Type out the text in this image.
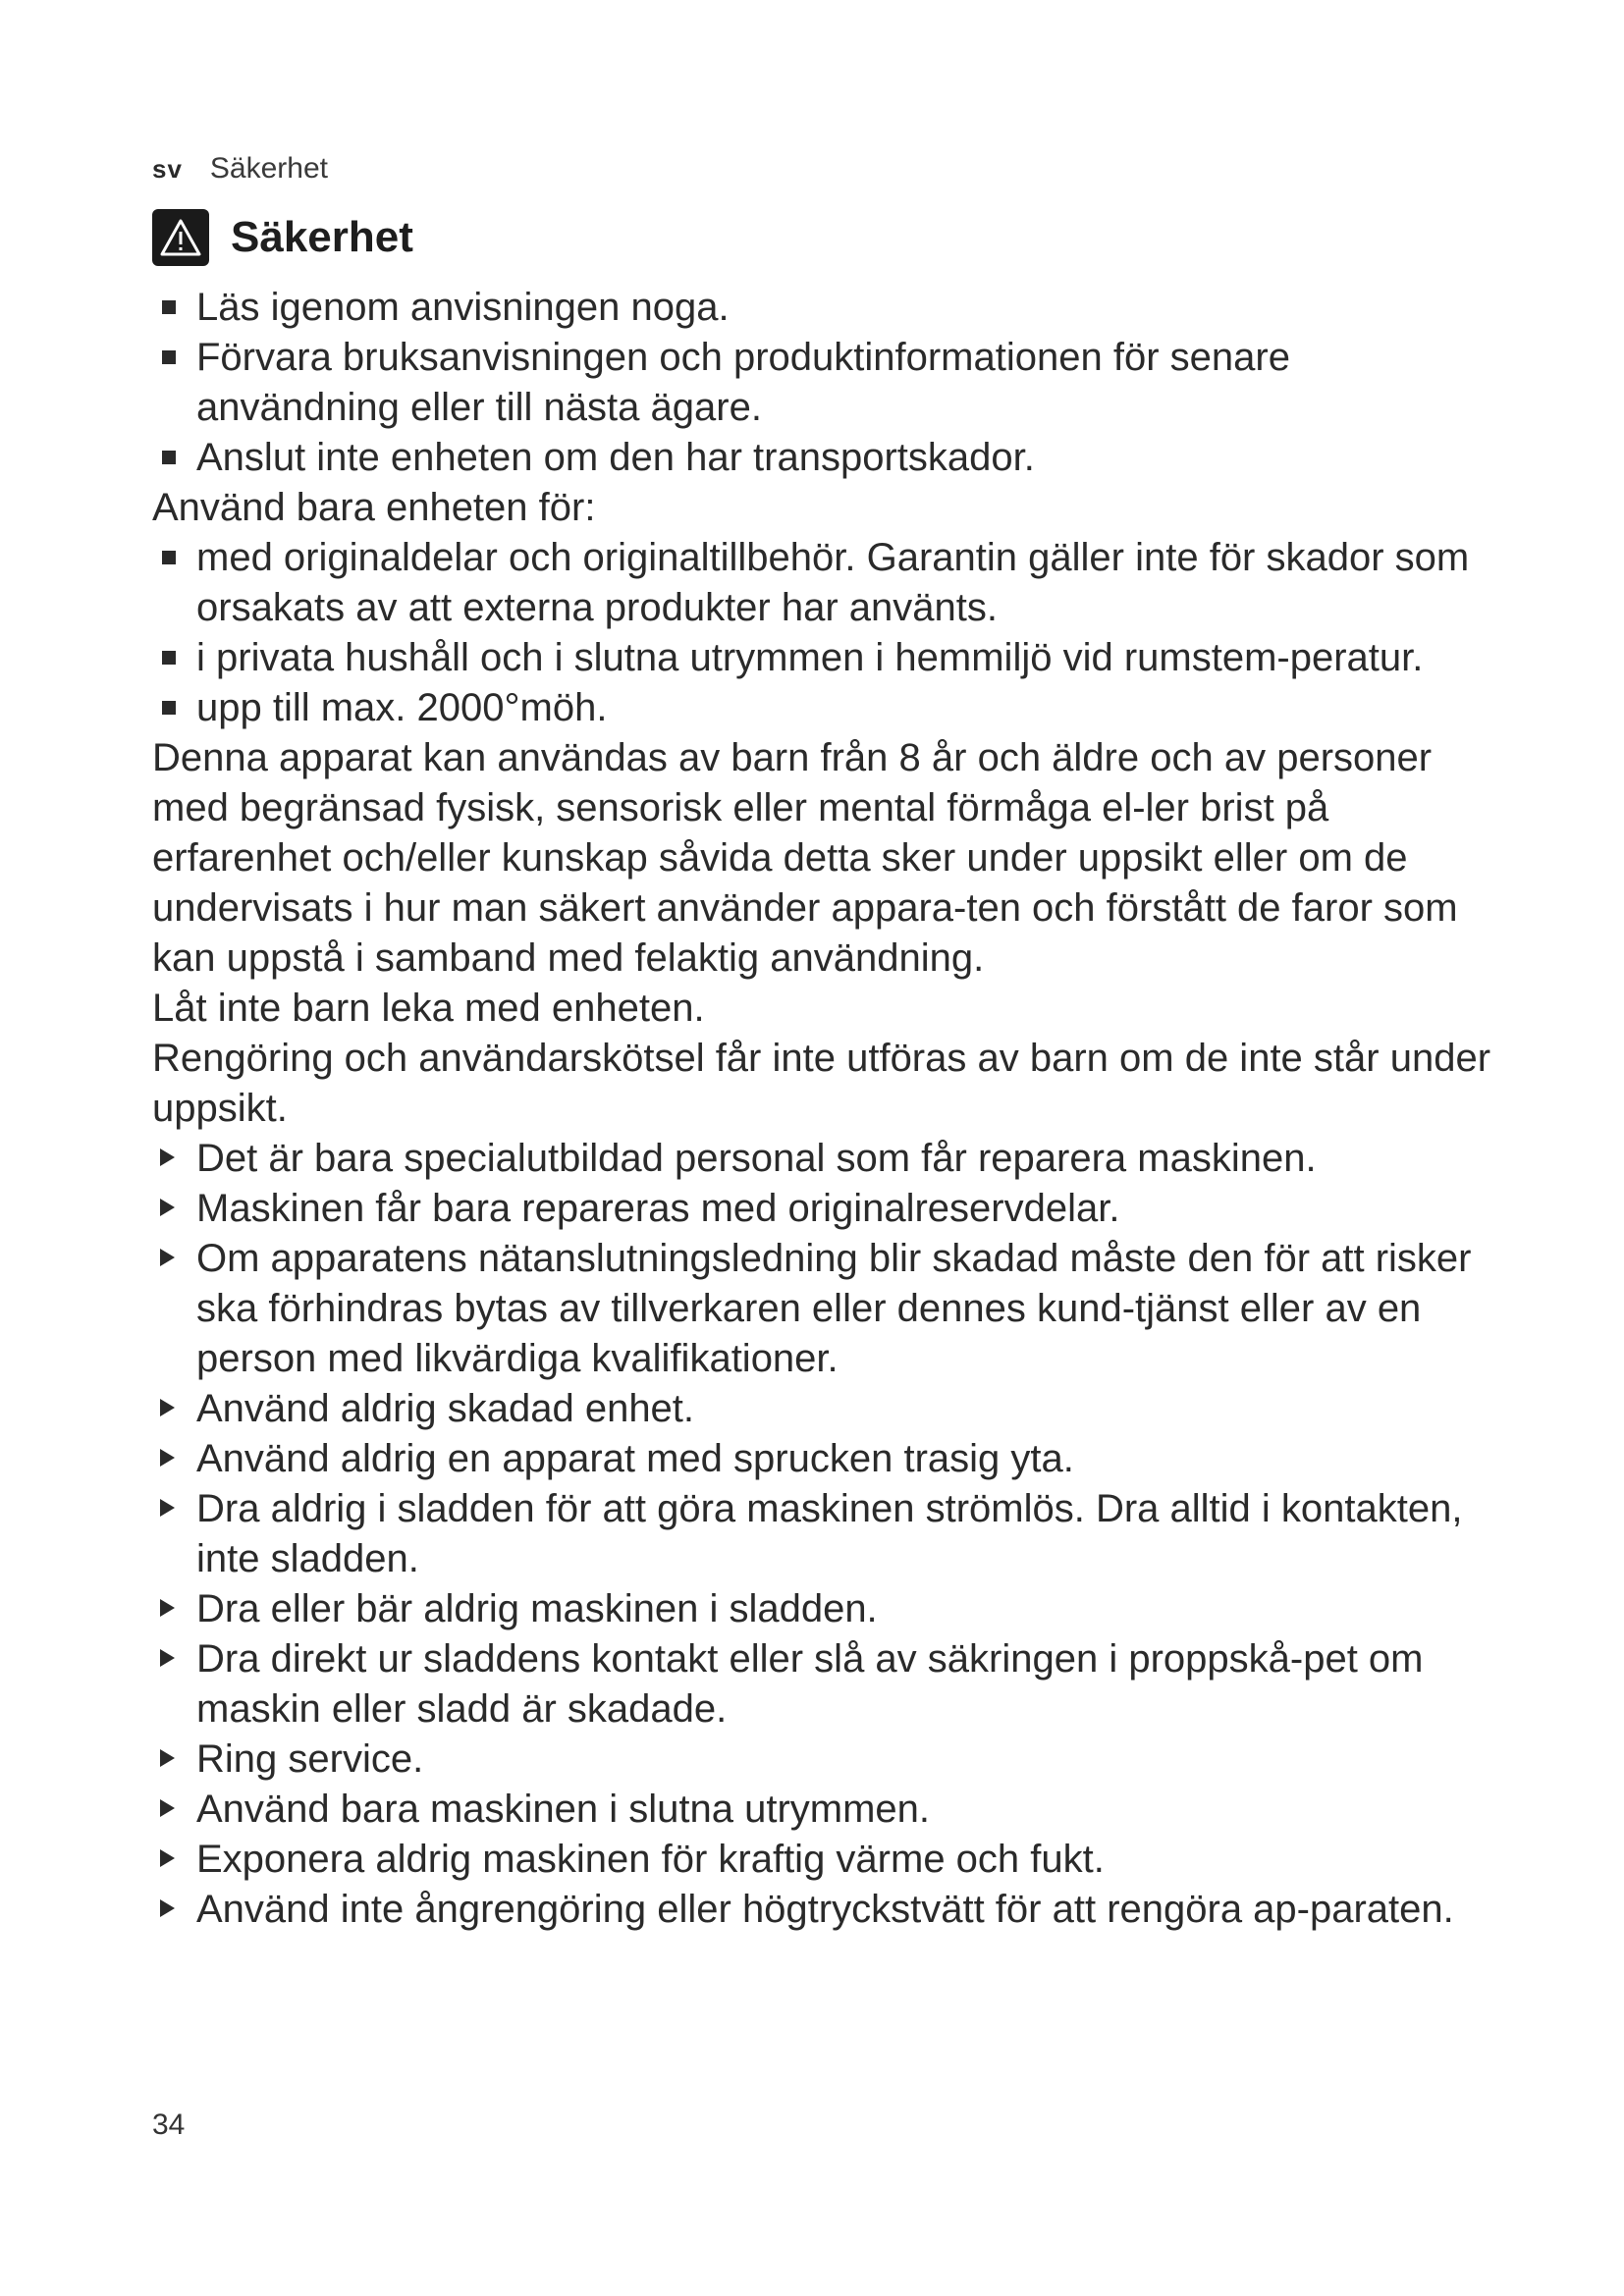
sv Säkerhet
Säkerhet

Läs igenom anvisningen noga.

Förvara bruksanvisningen och produktinformationen för senare användning eller till nästa ägare.

Anslut inte enheten om den har transportskador.

Använd bara enheten för:

med originaldelar och originaltillbehör. Garantin gäller inte för skador som orsakats av att externa produkter har använts.

i privata hushåll och i slutna utrymmen i hemmiljö vid rumstem-peratur.

upp till max. 2000°möh.

Denna apparat kan användas av barn från 8 år och äldre och av personer med begränsad fysisk, sensorisk eller mental förmåga el-ler brist på erfarenhet och/eller kunskap såvida detta sker under uppsikt eller om de undervisats i hur man säkert använder appara-ten och förstått de faror som kan uppstå i samband med felaktig användning.

Låt inte barn leka med enheten.

Rengöring och användarskötsel får inte utföras av barn om de inte står under uppsikt.

Det är bara specialutbildad personal som får reparera maskinen.

Maskinen får bara repareras med originalreservdelar.

Om apparatens nätanslutningsledning blir skadad måste den för att risker ska förhindras bytas av tillverkaren eller dennes kund-tjänst eller av en person med likvärdiga kvalifikationer.

Använd aldrig skadad enhet.

Använd aldrig en apparat med sprucken trasig yta.

Dra aldrig i sladden för att göra maskinen strömlös. Dra alltid i kontakten, inte sladden.

Dra eller bär aldrig maskinen i sladden.

Dra direkt ur sladdens kontakt eller slå av säkringen i proppskå-pet om maskin eller sladd är skadade.

Ring service.

Använd bara maskinen i slutna utrymmen.

Exponera aldrig maskinen för kraftig värme och fukt.

Använd inte ångrengöring eller högtryckstvätt för att rengöra ap-paraten.

34
